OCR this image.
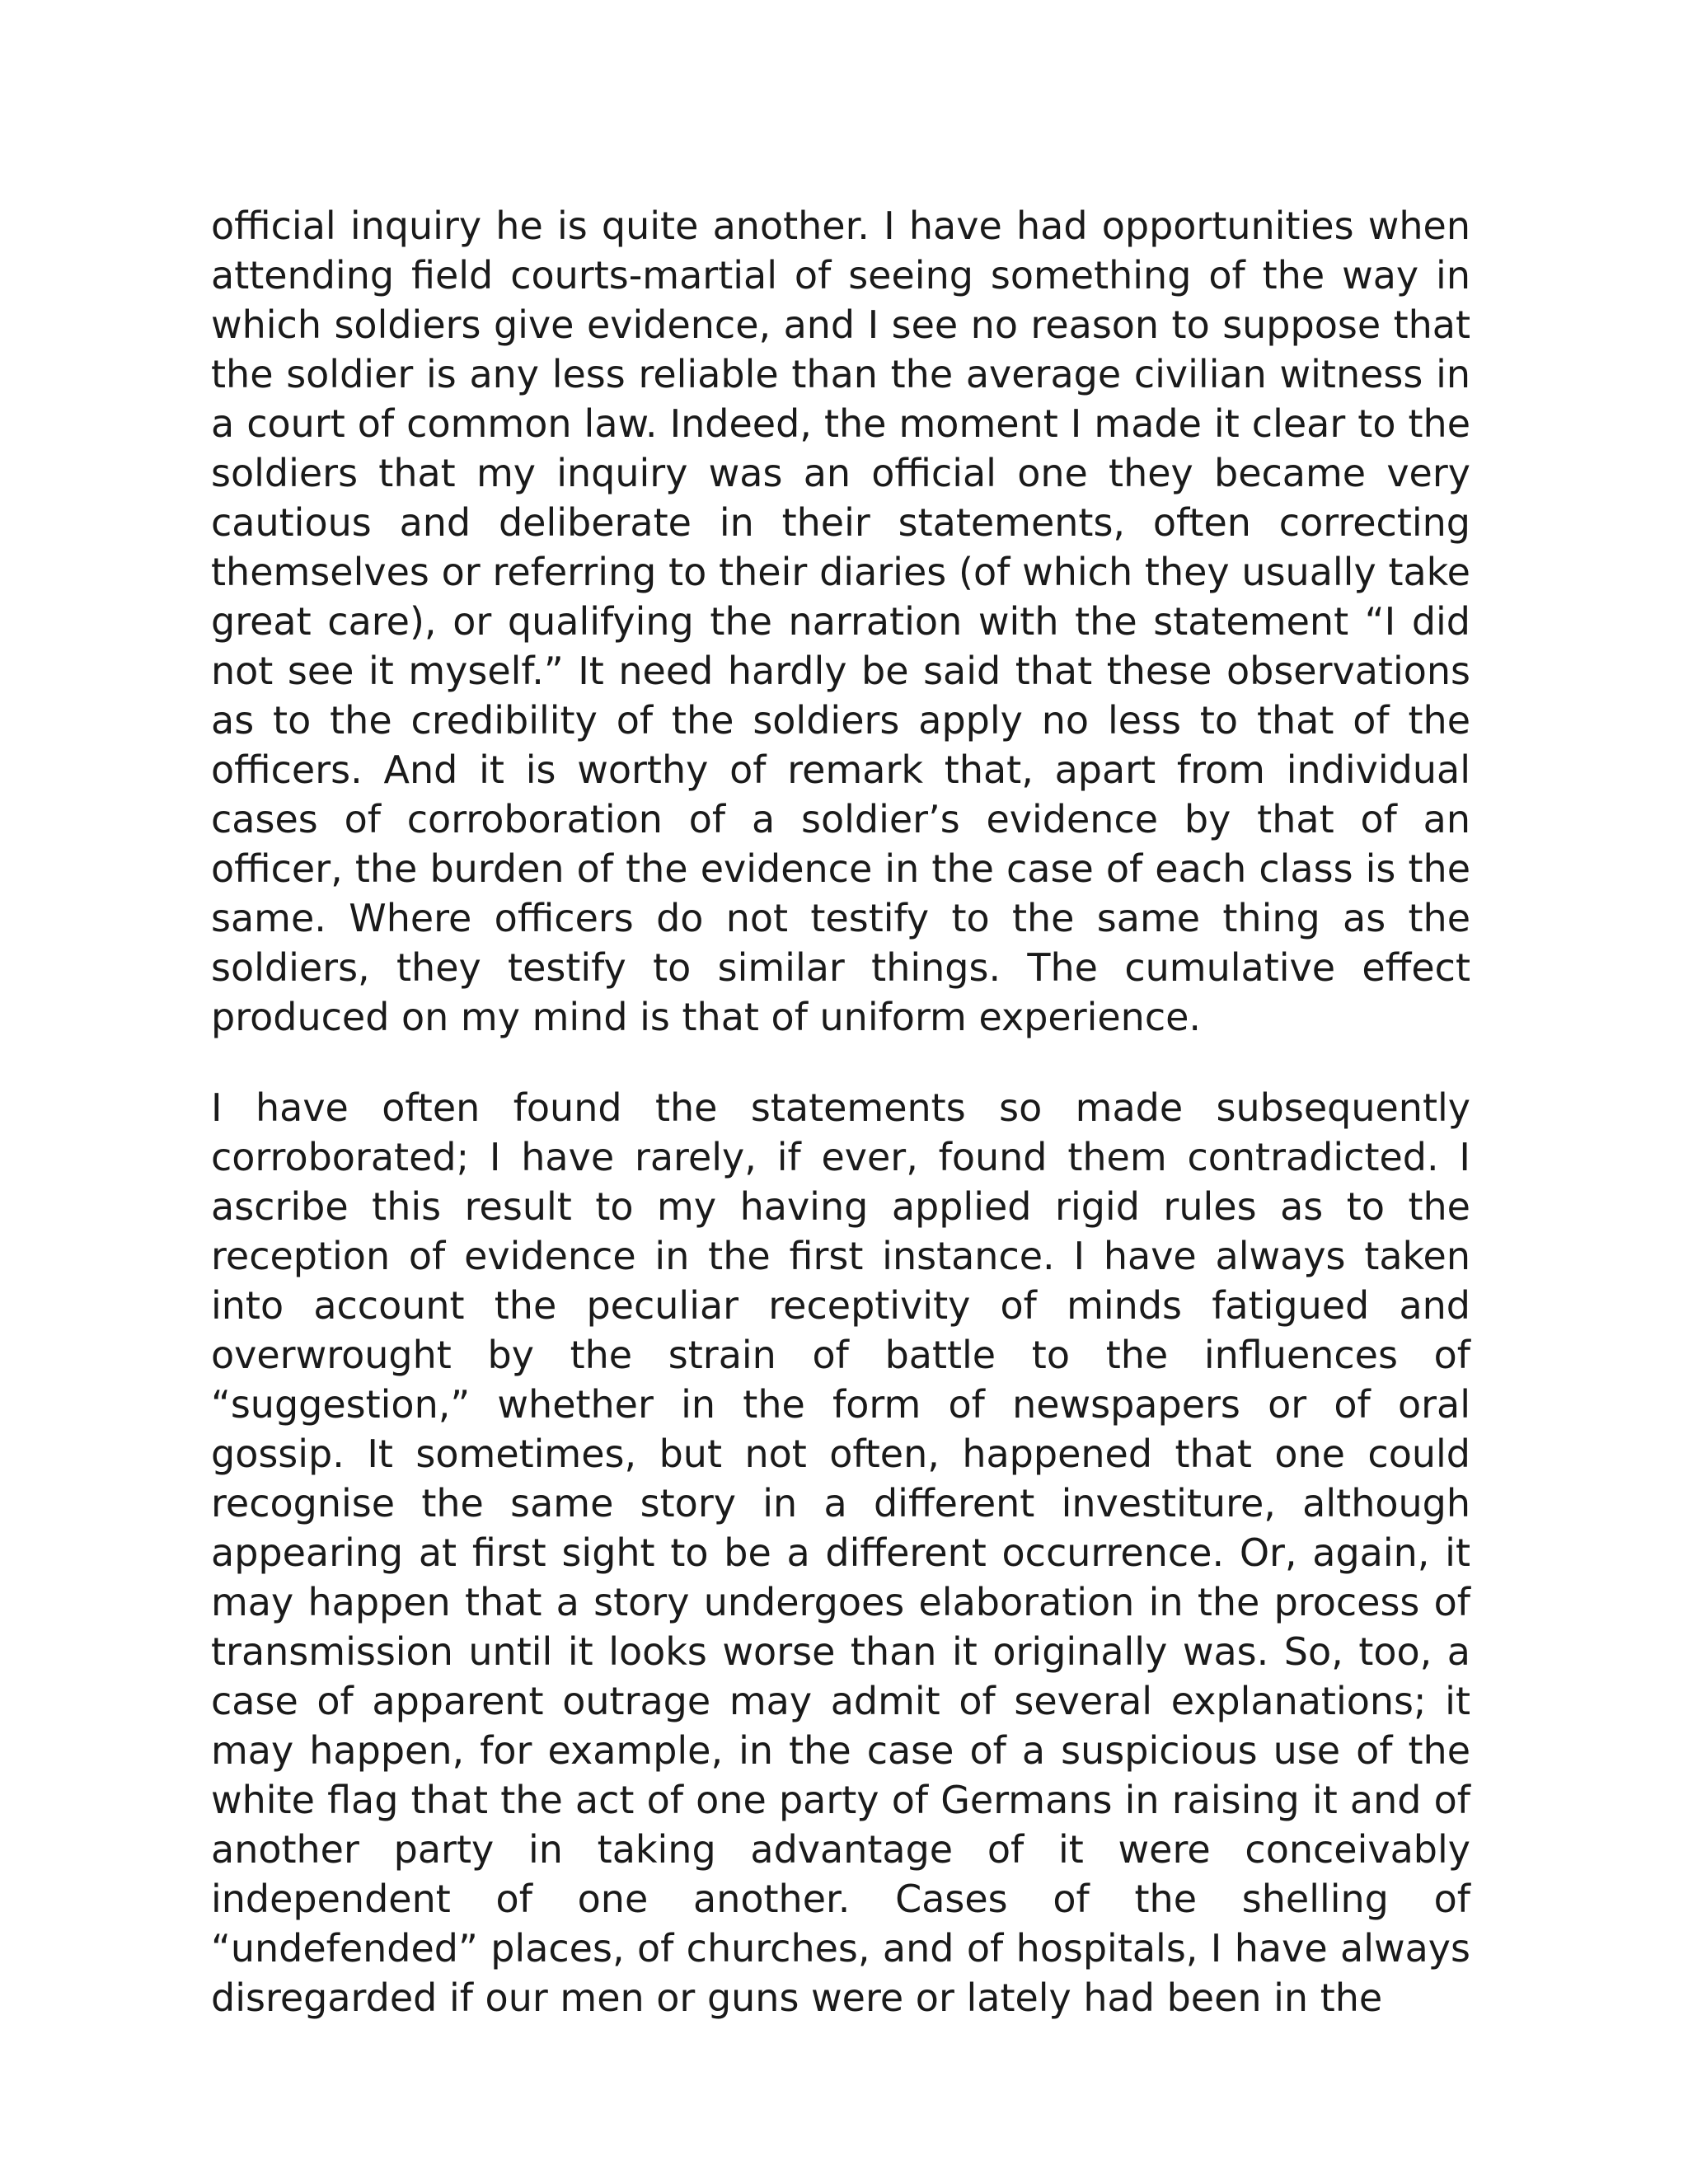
official inquiry he is quite another. I have had opportunities when attending field courts-martial of seeing something of the way in which soldiers give evidence, and I see no reason to suppose that the soldier is any less reliable than the average civilian witness in a court of common law. Indeed, the moment I made it clear to the soldiers that my inquiry was an official one they became very cautious and deliberate in their statements, often correcting themselves or referring to their diaries (of which they usually take great care), or qualifying the narration with the statement “I did not see it myself.” It need hardly be said that these observations as to the credibility of the soldiers apply no less to that of the officers. And it is worthy of remark that, apart from individual cases of corroboration of a soldier’s evidence by that of an officer, the burden of the evidence in the case of each class is the same. Where officers do not testify to the same thing as the soldiers, they testify to similar things. The cumulative effect produced on my mind is that of uniform experience.

I have often found the statements so made subsequently corroborated; I have rarely, if ever, found them contradicted. I ascribe this result to my having applied rigid rules as to the reception of evidence in the first instance. I have always taken into account the peculiar receptivity of minds fatigued and overwrought by the strain of battle to the influences of “suggestion,” whether in the form of newspapers or of oral gossip. It sometimes, but not often, happened that one could recognise the same story in a different investiture, although appearing at first sight to be a different occurrence. Or, again, it may happen that a story undergoes elaboration in the process of transmission until it looks worse than it originally was. So, too, a case of apparent outrage may admit of several explanations; it may happen, for example, in the case of a suspicious use of the white flag that the act of one party of Germans in raising it and of another party in taking advantage of it were conceivably independent of one another. Cases of the shelling of “undefended” places, of churches, and of hospitals, I have always disregarded if our men or guns were or lately had been in the
